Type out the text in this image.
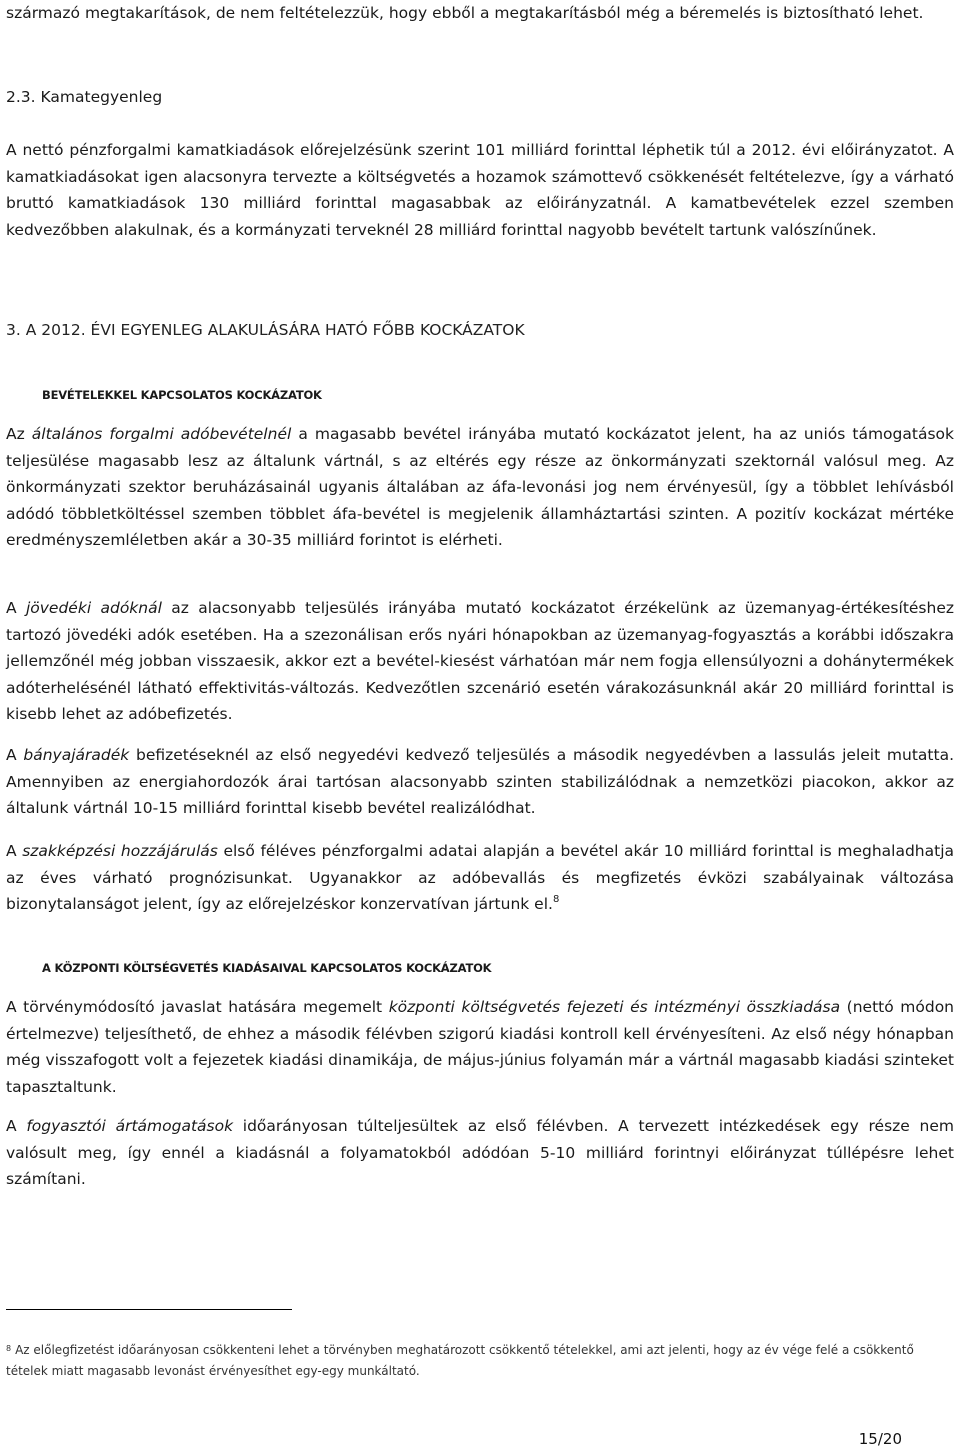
származó megtakarítások, de nem feltételezzük, hogy ebből a megtakarításból még a béremelés is biztosítható lehet.

2.3. Kamategyenleg

A nettó pénzforgalmi kamatkiadások előrejelzésünk szerint 101 milliárd forinttal léphetik túl a 2012. évi előirányzatot. A kamatkiadásokat igen alacsonyra tervezte a költségvetés a hozamok számottevő csökkenését feltételezve, így a várható bruttó kamatkiadások 130 milliárd forinttal magasabbak az előirányzatnál. A kamatbevételek ezzel szemben kedvezőbben alakulnak, és a kormányzati terveknél 28 milliárd forinttal nagyobb bevételt tartunk valószínűnek.

3. A 2012. ÉVI EGYENLEG ALAKULÁSÁRA HATÓ FŐBB KOCKÁZATOK
BEVÉTELEKKEL KAPCSOLATOS KOCKÁZATOK

Az általános forgalmi adóbevételnél a magasabb bevétel irányába mutató kockázatot jelent, ha az uniós támogatások teljesülése magasabb lesz az általunk vártnál, s az eltérés egy része az önkormányzati szektornál valósul meg. Az önkormányzati szektor beruházásainál ugyanis általában az áfa-levonási jog nem érvényesül, így a többlet lehívásból adódó többletköltéssel szemben többlet áfa-bevétel is megjelenik államháztartási szinten. A pozitív kockázat mértéke eredményszemléletben akár a 30-35 milliárd forintot is elérheti.

A jövedéki adóknál az alacsonyabb teljesülés irányába mutató kockázatot érzékelünk az üzemanyag-értékesítéshez tartozó jövedéki adók esetében. Ha a szezonálisan erős nyári hónapokban az üzemanyag-fogyasztás a korábbi időszakra jellemzőnél még jobban visszaesik, akkor ezt a bevétel-kiesést várhatóan már nem fogja ellensúlyozni a dohánytermékek adóterhelésénél látható effektivitás-változás. Kedvezőtlen szcenárió esetén várakozásunknál akár 20 milliárd forinttal is kisebb lehet az adóbefizetés.

A bányajáradék befizetéseknél az első negyedévi kedvező teljesülés a második negyedévben a lassulás jeleit mutatta. Amennyiben az energiahordozók árai tartósan alacsonyabb szinten stabilizálódnak a nemzetközi piacokon, akkor az általunk vártnál 10-15 milliárd forinttal kisebb bevétel realizálódhat.

A szakképzési hozzájárulás első féléves pénzforgalmi adatai alapján a bevétel akár 10 milliárd forinttal is meghaladhatja az éves várható prognózisunkat. Ugyanakkor az adóbevallás és megfizetés évközi szabályainak változása bizonytalanságot jelent, így az előrejelzéskor konzervatívan jártunk el.$^8$

A KÖZPONTI KÖLTSÉGVETÉS KIADÁSAIVAL KAPCSOLATOS KOCKÁZATOK

A törvénymódosító javaslat hatására megemelt központi költségvetés fejezeti és intézményi összkiadása (nettó módon értelmezve) teljesíthető, de ehhez a második félévben szigorú kiadási kontroll kell érvényesíteni. Az első négy hónapban még visszafogott volt a fejezetek kiadási dinamikája, de május-június folyamán már a vártnál magasabb kiadási szinteket tapasztaltunk.

A fogyasztói ártámogatások időarányosan túlteljesültek az első félévben. A tervezett intézkedések egy része nem valósult meg, így ennél a kiadásnál a folyamatokból adódóan 5-10 milliárd forintnyi előirányzat túllépésre lehet számítani.

$^8$ Az előlegfizetést időarányosan csökkenteni lehet a törvényben meghatározott csökkentő tételekkel, ami azt jelenti, hogy az év vége felé a csökkentő tételek miatt magasabb levonást érvényesíthet egy-egy munkáltató.
15/20
